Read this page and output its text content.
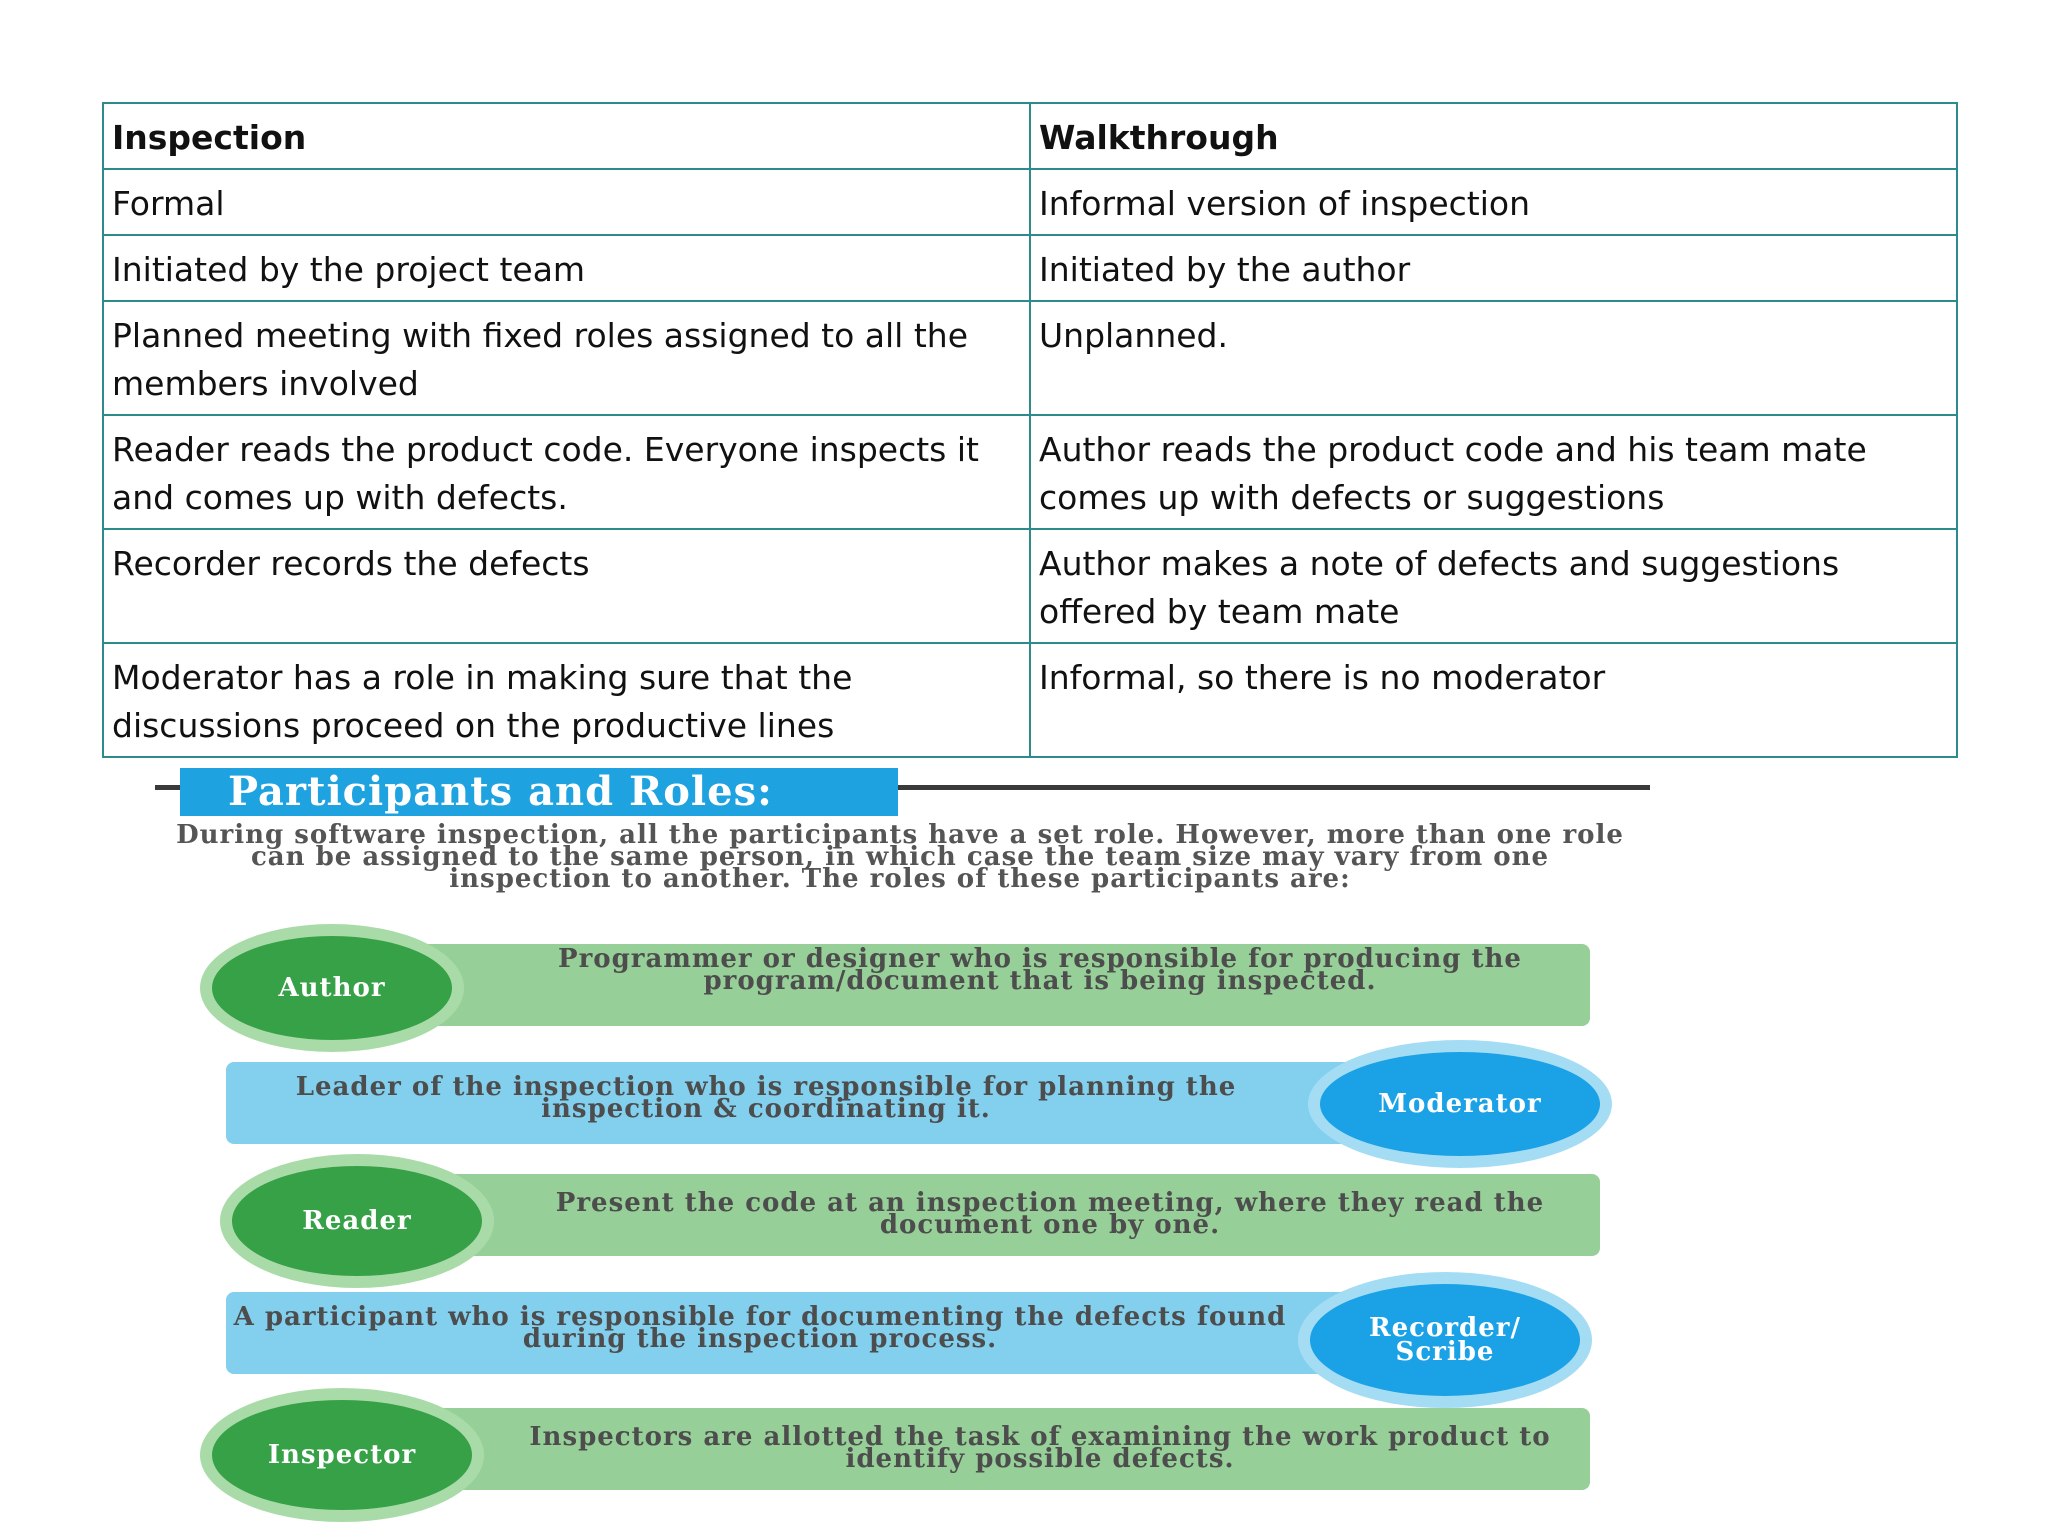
Inspection	Walkthrough
Formal	Informal version of inspection
Initiated by the project team	Initiated by the author
Planned meeting with fixed roles assigned to all the members involved	Unplanned.
Reader reads the product code. Everyone inspects it and comes up with defects.	Author reads the product code and his team mate comes up with defects or suggestions
Recorder records the defects	Author makes a note of defects and suggestions offered by team mate
Moderator has a role in making sure that the discussions proceed on the productive lines	Informal, so there is no moderator
Participants and Roles:
During software inspection, all the participants have a set role. However, more than one role can be assigned to the same person, in which case the team size may vary from one inspection to another. The roles of these participants are:
Programmer or designer who is responsible for producing the program/document that is being inspected.
Author
Leader of the inspection who is responsible for planning the inspection & coordinating it.	Moderator
Present the code at an inspection meeting, where they read the document one by one.
Reader
A participant who is responsible for documenting the defects found during the inspection process.	Recorder/ Scribe
Inspectors are allotted the task of examining the work product to identify possible defects.
Inspector
